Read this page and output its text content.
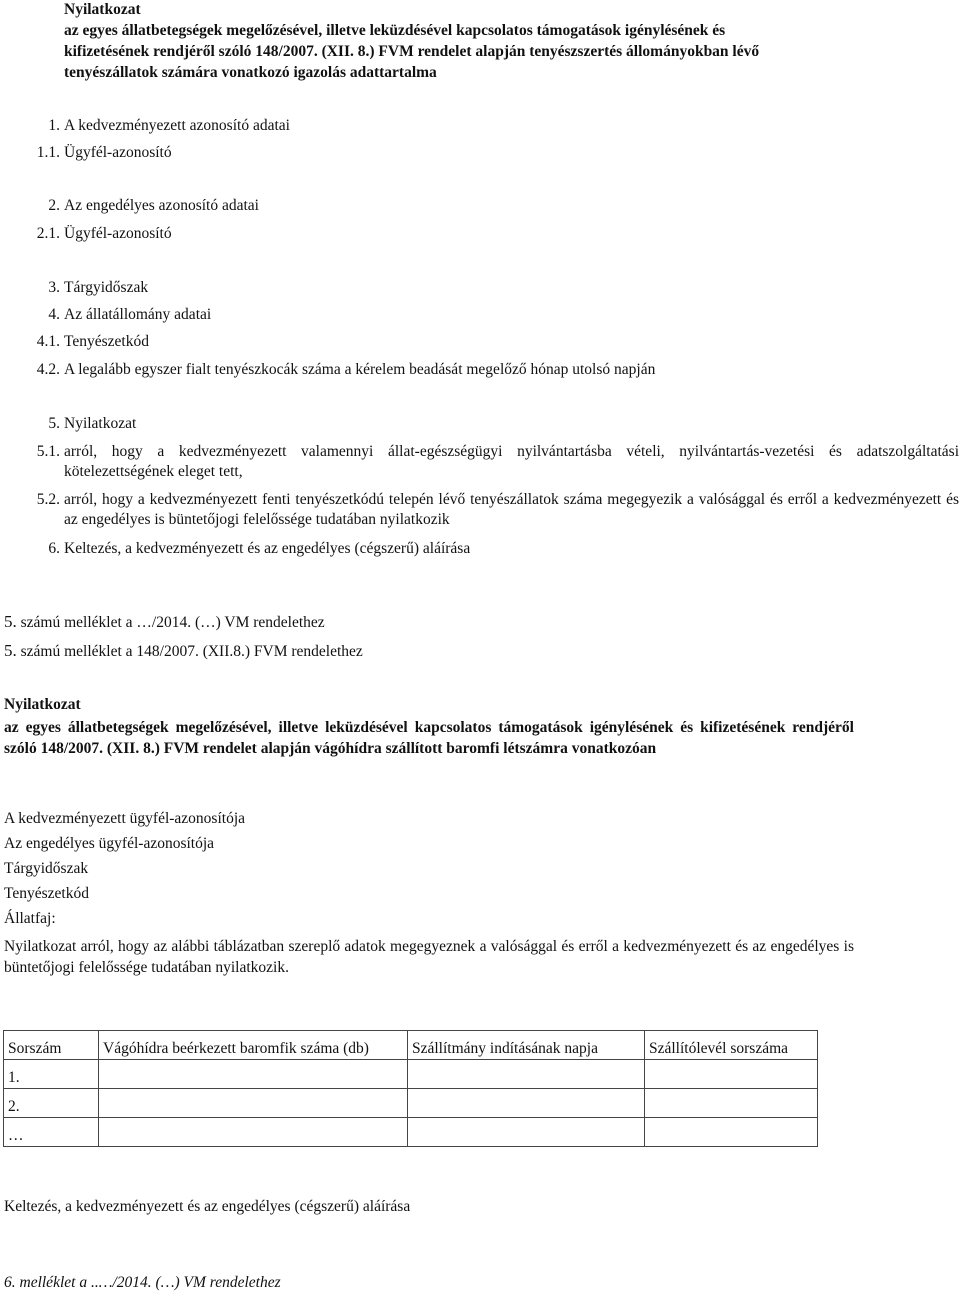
Nyilatkozat
az egyes állatbetegségek megelőzésével, illetve leküzdésével kapcsolatos támogatások igénylésének és
kifizetésének rendjéről szóló 148/2007. (XII. 8.) FVM rendelet alapján tenyészszertés állományokban lévő
tenyészállatok számára vonatkozó igazolás adattartalma
1. A kedvezményezett azonosító adatai
1.1. Ügyfél-azonosító
2. Az engedélyes azonosító adatai
2.1. Ügyfél-azonosító
3. Tárgyidőszak
4. Az állatállomány adatai
4.1. Tenyészetkód
4.2. A legalább egyszer fialt tenyészkocák száma a kérelem beadását megelőző hónap utolsó napján
5. Nyilatkozat
5.1. arról, hogy a kedvezményezett valamennyi állat-egészségügyi nyilvántartásba vételi, nyilvántartás-vezetési és adatszolgáltatási kötelezettségének eleget tett,
5.2. arról, hogy a kedvezményezett fenti tenyészetkódú telepén lévő tenyészállatok száma megegyezik a valósággal és erről a kedvezményezett és az engedélyes is büntetőjogi felelőssége tudatában nyilatkozik
6. Keltezés, a kedvezményezett és az engedélyes (cégszerű) aláírása
5. számú melléklet a …/2014. (…) VM rendelethez
5. számú melléklet a 148/2007. (XII.8.) FVM rendelethez
Nyilatkozat
az egyes állatbetegségek megelőzésével, illetve leküzdésével kapcsolatos támogatások igénylésének és kifizetésének rendjéről szóló 148/2007. (XII. 8.) FVM rendelet alapján vágóhídra szállított baromfi létszámra vonatkozóan
A kedvezményezett ügyfél-azonosítója
Az engedélyes ügyfél-azonosítója
Tárgyidőszak
Tenyészetkód
Állatfaj:
Nyilatkozat arról, hogy az alábbi táblázatban szereplő adatok megegyeznek a valósággal és erről a kedvezményezett és az engedélyes is büntetőjogi felelőssége tudatában nyilatkozik.
Sorszám	Vágóhídra beérkezett baromfik száma (db)	Szállítmány indításának napja	Szállítólevél sorszáma
1.			
2.			
…			
Keltezés, a kedvezményezett és az engedélyes (cégszerű) aláírása
6. melléklet a ..…/2014. (…) VM rendelethez
